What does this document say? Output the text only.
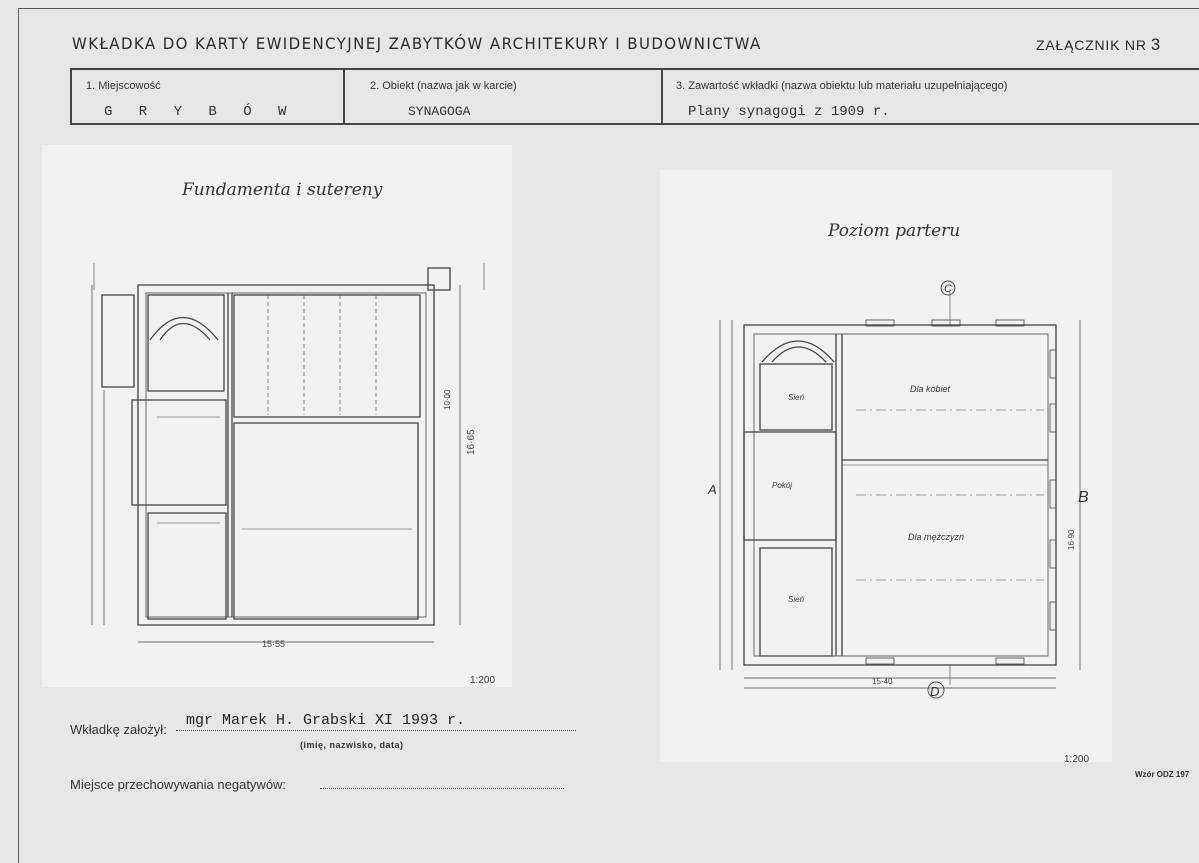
WKŁADKA DO KARTY EWIDENCYJNEJ ZABYTKÓW ARCHITEKURY I BUDOWNICTWA	ZAŁĄCZNIK NR 3
1. Miejscowość
G R Y B Ó W
2. Obiekt (nazwa jak w karcie)
SYNAGOGA
3. Zawartość wkładki (nazwa obiektu lub materiału uzupełniającego)
Plany synagogi z 1909 r.
Fundamenta i sutereny
15·55
16·65
10·00
1:200
Poziom parteru
C
D
B
A
Dla kobiet
Dla mężczyzn
Sień
Pokój
Sień
15·40
16·90
1:200
Wkładkę założył:
mgr Marek H. Grabski XI 1993 r.
(imię, nazwisko, data)
Miejsce przechowywania negatywów:
Wzór ODZ 197
